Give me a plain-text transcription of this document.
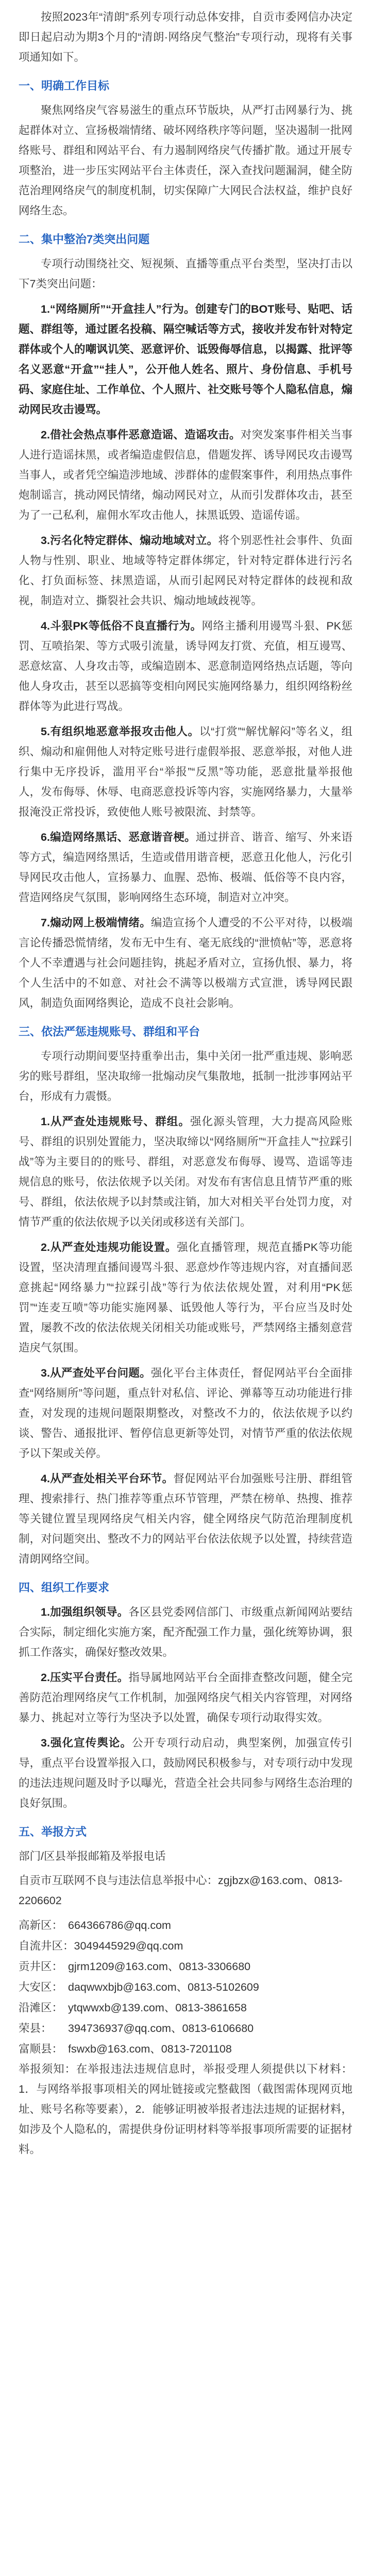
按照2023年“清朗”系列专项行动总体安排，自贡市委网信办决定即日起启动为期3个月的“清朗·网络戾气整治”专项行动，现将有关事项通知如下。

一、明确工作目标

聚焦网络戾气容易滋生的重点环节版块，从严打击网暴行为、挑起群体对立、宣扬极端情绪、破坏网络秩序等问题，坚决遏制一批网络账号、群组和网站平台、有力遏制网络戾气传播扩散。通过开展专项整治，进一步压实网站平台主体责任，深入查找问题漏洞，健全防范治理网络戾气的制度机制，切实保障广大网民合法权益，维护良好网络生态。

二、集中整治7类突出问题

专项行动围绕社交、短视频、直播等重点平台类型，坚决打击以下7类突出问题：

1.“网络厕所”“开盒挂人”行为。创建专门的BOT账号、贴吧、话题、群组等，通过匿名投稿、隔空喊话等方式，接收并发布针对特定群体或个人的嘲讽讥笑、恶意评价、诋毁侮辱信息，以揭露、批评等名义恶意“开盒”“挂人”，公开他人姓名、照片、身份信息、手机号码、家庭住址、工作单位、个人照片、社交账号等个人隐私信息，煽动网民攻击谩骂。

2.借社会热点事件恶意造谣、造谣攻击。对突发案事件相关当事人进行造谣抹黑，或者编造虚假信息，借题发挥、诱导网民攻击谩骂当事人，或者凭空编造涉地域、涉群体的虚假案事件，利用热点事件炮制谣言，挑动网民情绪，煽动网民对立，从而引发群体攻击，甚至为了一己私利，雇佣水军攻击他人，抹黑诋毁、造谣传谣。

3.污名化特定群体、煽动地域对立。将个别恶性社会事件、负面人物与性别、职业、地域等特定群体绑定，针对特定群体进行污名化、打负面标签、抹黑造谣，从而引起网民对特定群体的歧视和敌视，制造对立、撕裂社会共识、煽动地域歧视等。

4.斗狠PK等低俗不良直播行为。网络主播利用谩骂斗狠、PK惩罚、互喷掐架、等方式吸引流量，诱导网友打赏、充值，相互谩骂、恶意炫富、人身攻击等，或编造剧本、恶意制造网络热点话题，等向他人身攻击，甚至以恶搞等变相向网民实施网络暴力，组织网络粉丝群体等为此进行骂战。

5.有组织地恶意举报攻击他人。以“打赏”“解忧解闷”等名义，组织、煽动和雇佣他人对特定账号进行虚假举报、恶意举报，对他人进行集中无序投诉，滥用平台“举报”“反黑”等功能，恶意批量举报他人，发布侮辱、休辱、电商恶意投诉等内容，实施网络暴力，大量举报淹没正常投诉，致使他人账号被限流、封禁等。

6.编造网络黑话、恶意谐音梗。通过拼音、谐音、缩写、外来语等方式，编造网络黑话，生造或借用谐音梗，恶意丑化他人，污化引导网民攻击他人，宣扬暴力、血腥、恐怖、极端、低俗等不良内容，营造网络戾气氛围，影响网络生态环境，制造对立冲突。

7.煽动网上极端情绪。编造宣扬个人遭受的不公平对待，以极端言论传播恐慌情绪，发布无中生有、毫无底线的“泄愤帖”等，恶意将个人不幸遭遇与社会问题挂钩，挑起矛盾对立，宣扬仇恨、暴力，将个人生活中的不如意、对社会不满等以极端方式宣泄，诱导网民跟风，制造负面网络舆论，造成不良社会影响。

三、依法严惩违规账号、群组和平台

专项行动期间要坚持重拳出击，集中关闭一批严重违规、影响恶劣的账号群组，坚决取缔一批煽动戾气集散地，抵制一批涉事网站平台，形成有力震慑。

1.从严查处违规账号、群组。强化源头管理，大力提高风险账号、群组的识别处置能力，坚决取缔以“网络厕所”“开盒挂人”“拉踩引战”等为主要目的的账号、群组，对恶意发布侮辱、谩骂、造谣等违规信息的账号，依法依规予以关闭。对发布有害信息且情节严重的账号、群组，依法依规予以封禁或注销，加大对相关平台处罚力度，对情节严重的依法依规予以关闭或移送有关部门。

2.从严查处违规功能设置。强化直播管理，规范直播PK等功能设置，坚决清理直播间谩骂斗狠、恶意炒作等违规内容，对直播间恶意挑起“网络暴力”“拉踩引战”等行为依法依规处置，对利用“PK惩罚”“连麦互喷”等功能实施网暴、诋毁他人等行为，平台应当及时处置，屡教不改的依法依规关闭相关功能或账号，严禁网络主播刻意营造戾气氛围。

3.从严查处平台问题。强化平台主体责任，督促网站平台全面排查“网络厕所”等问题，重点针对私信、评论、弹幕等互动功能进行排查，对发现的违规问题限期整改，对整改不力的，依法依规予以约谈、警告、通报批评、暂停信息更新等处罚，对情节严重的依法依规予以下架或关停。

4.从严查处相关平台环节。督促网站平台加强账号注册、群组管理、搜索排行、热门推荐等重点环节管理，严禁在榜单、热搜、推荐等关键位置呈现网络戾气相关内容，健全网络戾气防范治理制度机制，对问题突出、整改不力的网站平台依法依规予以处置，持续营造清朗网络空间。

四、组织工作要求

1.加强组织领导。各区县党委网信部门、市级重点新闻网站要结合实际，制定细化实施方案，配齐配强工作力量，强化统筹协调，狠抓工作落实，确保好整改效果。

2.压实平台责任。指导属地网站平台全面排查整改问题，健全完善防范治理网络戾气工作机制，加强网络戾气相关内容管理，对网络暴力、挑起对立等行为坚决予以处置，确保专项行动取得实效。

3.强化宣传舆论。公开专项行动启动，典型案例，加强宣传引导，重点平台设置举报入口，鼓励网民积极参与，对专项行动中发现的违法违规问题及时予以曝光，营造全社会共同参与网络生态治理的良好氛围。

五、举报方式

部门/区县举报邮箱及举报电话

自贡市互联网不良与违法信息举报中心：zgjbzx@163.com、0813-2206602

高新区： 664366786@qq.com

自流井区：3049445929@qq.com

贡井区： gjrm1209@163.com、0813-3306680

大安区： daqwwxbjb@163.com、0813-5102609

沿滩区： ytqwwxb@139.com、0813-3861658

荣县： 394736937@qq.com、0813-6106680

富顺县： fswxb@163.com、0813-7201108

举报须知：在举报违法违规信息时，举报受理人须提供以下材料：1．与网络举报事项相关的网址链接或完整截图（截图需体现网页地址、账号名称等要素），2．能够证明被举报者违法违规的证据材料，如涉及个人隐私的，需提供身份证明材料等举报事项所需要的证据材料。
